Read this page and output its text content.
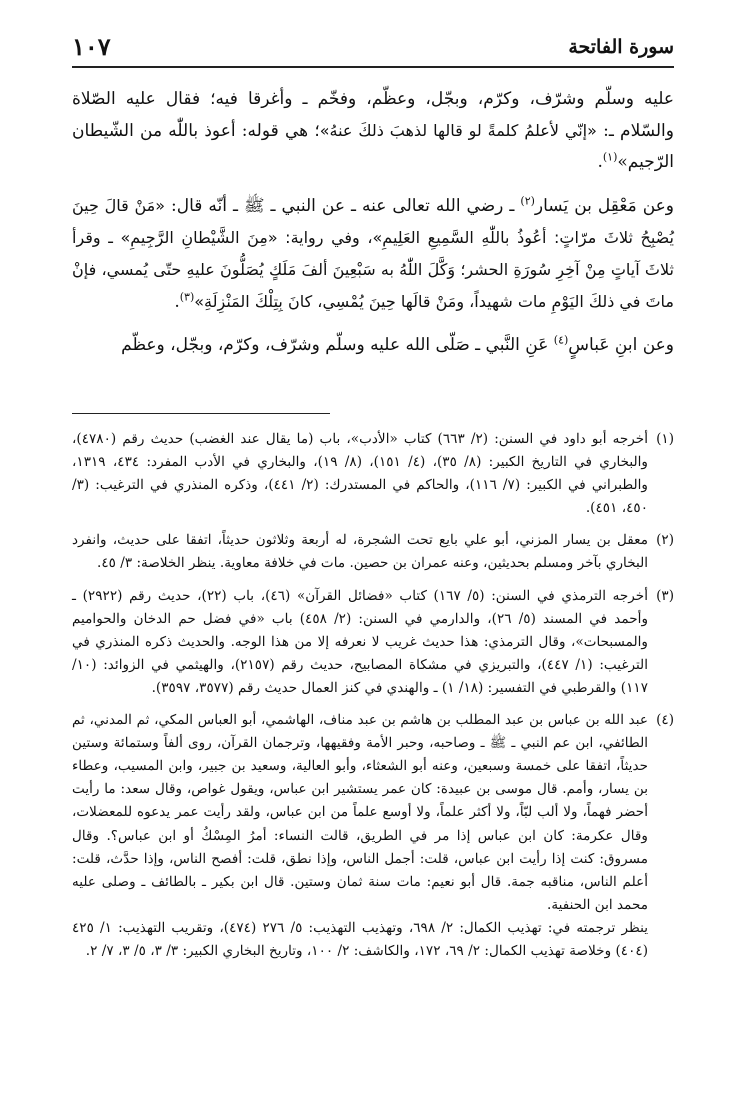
سورة الفاتحة
١٠٧

عليه وسلّم وشرّف، وكرّم، وبجّل، وعظّم، وفخّم ـ وأغرقا فيه؛ فقال عليه الصّلاة والسّلام ـ: «إنّي لأعلمُ كلمةً لو قالها لذهبَ ذلكَ عنهُ»؛ هي قوله: أعوذ باللّٰه من الشّيطان الرّجيم»$^{(١)}$.

وعن مَعْقِل بن يَسار$^{(٢)}$ ـ رضي الله تعالى عنه ـ عن النبي ـ ﷺ ـ أنّه قال: «مَنْ قالَ حِينَ يُصْبِحُ ثلاثَ مرّاتٍ: أعُوذُ باللّٰهِ السَّمِيعِ العَلِيمِ»، وفي رواية: «مِنَ الشَّيْطانِ الرَّجِيمِ» ـ وقرأ ثلاثَ آياتٍ مِنْ آخِرِ سُورَةِ الحشر؛ وَكَّلَ اللّٰهُ به سَبْعِينَ ألفَ مَلَكٍ يُصَلُّونَ عليهِ حتّى يُمسي، فإنْ ماتَ في ذلكَ اليَوْمِ مات شهيداً، ومَنْ قالَها حِينَ يُمْسِي، كانَ بِتِلْكَ المَنْزِلَةِ»$^{(٣)}$.

وعن ابنِ عَباسٍ$^{(٤)}$ عَنِ النَّبي ـ صَلّى الله عليه وسلّم وشرّف، وكرّم، وبجّل، وعظّم

(١)

أخرجه أبو داود في السنن: (٢/ ٦٦٣) كتاب «الأدب»، باب (ما يقال عند الغضب) حديث رقم (٤٧٨٠)، والبخاري في التاريخ الكبير: (٨/ ٣٥)، (٤/ ١٥١)، (٨/ ١٩)، والبخاري في الأدب المفرد: ٤٣٤، ١٣١٩، والطبراني في الكبير: (٧/ ١١٦)، والحاكم في المستدرك: (٢/ ٤٤١)، وذكره المنذري في الترغيب: (٣/ ٤٥٠، ٤٥١).

(٢)

معقل بن يسار المزني، أبو علي بايع تحت الشجرة، له أربعة وثلاثون حديثاً، اتفقا على حديث، وانفرد البخاري بآخر ومسلم بحديثين، وعنه عمران بن حصين. مات في خلافة معاوية. ينظر الخلاصة: ٣/ ٤٥.

(٣)

أخرجه الترمذي في السنن: (٥/ ١٦٧) كتاب «فضائل القرآن» (٤٦)، باب (٢٢)، حديث رقم (٢٩٢٢) ـ وأحمد في المسند (٥/ ٢٦)، والدارمي في السنن: (٢/ ٤٥٨) باب «في فضل حم الدخان والحواميم والمسبحات»، وقال الترمذي: هذا حديث غريب لا نعرفه إلا من هذا الوجه. والحديث ذكره المنذري في الترغيب: (١/ ٤٤٧)، والتبريزي في مشكاة المصابيح، حديث رقم (٢١٥٧)، والهيثمي في الزوائد: (١٠/ ١١٧) والقرطبي في التفسير: (١٨/ ١) ـ والهندي في كنز العمال حديث رقم (٣٥٧٧، ٣٥٩٧).

(٤)

عبد الله بن عباس بن عبد المطلب بن هاشم بن عبد مناف، الهاشمي، أبو العباس المكي، ثم المدني، ثم الطائفي، ابن عم النبي ـ ﷺ ـ وصاحبه، وحبر الأمة وفقيهها، وترجمان القرآن، روى ألفاً وستمائة وستين حديثاً، اتفقا على خمسة وسبعين، وعنه أبو الشعثاء، وأبو العالية، وسعيد بن جبير، وابن المسيب، وعطاء بن يسار، وأمم. قال موسى بن عبيدة: كان عمر يستشير ابن عباس، ويقول غواص، وقال سعد: ما رأيت أحضر فهماً، ولا ألب لبّاً، ولا أكثر علماً، ولا أوسع علماً من ابن عباس، ولقد رأيت عمر يدعوه للمعضلات، وقال عكرمة: كان ابن عباس إذا مر في الطريق، قالت النساء: أمرُ المِسْكُ أو ابن عباس؟. وقال مسروق: كنت إذا رأيت ابن عباس، قلت: أجمل الناس، وإذا نطق، قلت: أفصح الناس، وإذا حدَّث، قلت: أعلم الناس، مناقبه جمة. قال أبو نعيم: مات سنة ثمان وستين. قال ابن بكير ـ بالطائف ـ وصلى عليه محمد ابن الحنفية.

ينظر ترجمته في: تهذيب الكمال: ٢/ ٦٩٨، وتهذيب التهذيب: ٥/ ٢٧٦ (٤٧٤)، وتقريب التهذيب: ١/ ٤٢٥ (٤٠٤) وخلاصة تهذيب الكمال: ٢/ ٦٩، ١٧٢، والكاشف: ٢/ ١٠٠، وتاريخ البخاري الكبير: ٣/ ٣، ٥/ ٣، ٧/ ٢.
